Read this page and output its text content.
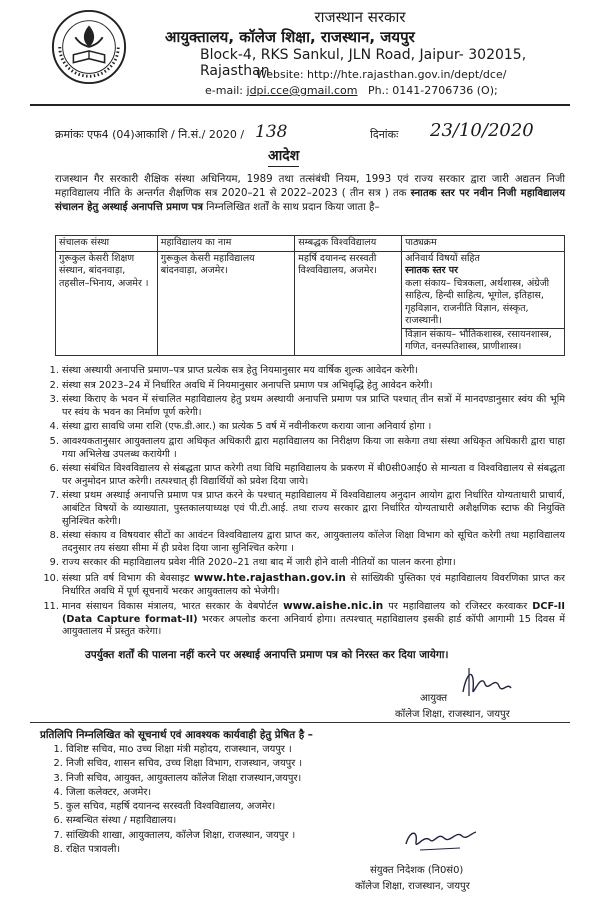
राजस्थान सरकार
आयुक्तालय, कॉलेज शिक्षा, राजस्थान, जयपुर
Block-4, RKS Sankul, JLN Road, Jaipur- 302015, Rajasthan
Website: http://hte.rajasthan.gov.in/dept/dce/
e-mail: jdpi.cce@gmail.com Ph.: 0141-2706736 (O);
क्रमांकः एफ4 (04)आकाशि / नि.सं./ 2020 / 138	दिनांकः 23/10/2020
आदेश
राजस्थान गैर सरकारी शैक्षिक संस्था अधिनियम, 1989 तथा तत्संबंधी नियम, 1993 एवं राज्य सरकार द्वारा जारी अद्यतन निजी महाविद्यालय नीति के अन्तर्गत शैक्षणिक सत्र 2020–21 से 2022–2023 ( तीन सत्र ) तक स्नातक स्तर पर नवीन निजी महाविद्यालय संचालन हेतु अस्थाई अनापत्ति प्रमाण पत्र निम्नलिखित शर्तों के साथ प्रदान किया जाता है–
संचालक संस्था	महाविद्यालय का नाम	सम्बद्धक विश्वविद्यालय	पाठ्यक्रम
गुरूकुल केसरी शिक्षण संस्थान, बांदनवाड़ा, तहसील–भिनाय, अजमेर ।	गुरूकुल केसरी महाविद्यालय बांदनवाड़ा, अजमेर।	महर्षि दयानन्द सरस्वती विश्वविद्यालय, अजमेर।	अनिवार्य विषयों सहित
स्नातक स्तर पर
कला संकाय– चित्रकला, अर्थशास्त्र, अंग्रेजी साहित्य, हिन्दी साहित्य, भूगोल, इतिहास, गृहविज्ञान, राजनीति विज्ञान, संस्कृत, राजस्थानी।
विज्ञान संकाय– भौतिकशास्त्र, रसायनशास्त्र, गणित, वनस्पतिशास्त्र, प्राणीशास्त्र।
1. संस्था अस्थायी अनापत्ति प्रमाण–पत्र प्राप्त प्रत्येक सत्र हेतु नियमानुसार मय वार्षिक शुल्क आवेदन करेगी।
2. संस्था सत्र 2023–24 में निर्धारित अवधि में नियमानुसार अनापत्ति प्रमाण पत्र अभिवृद्धि हेतु आवेदन करेगी।
3. संस्था किराए के भवन में संचालित महाविद्यालय हेतु प्रथम अस्थायी अनापत्ति प्रमाण पत्र प्राप्ति पश्चात् तीन सत्रों में मानदण्डानुसार स्वंय की भूमि पर स्वंय के भवन का निर्माण पूर्ण करेगी।
4. संस्था द्वारा सावधि जमा राशि (एफ.डी.आर.) का प्रत्येक 5 वर्ष में नवीनीकरण कराया जाना अनिवार्य होगा ।
5. आवश्यकतानुसार आयुक्तालय द्वारा अधिकृत अधिकारी द्वारा महाविद्यालय का निरीक्षण किया जा सकेगा तथा संस्था अधिकृत अधिकारी द्वारा चाहा गया अभिलेख उपलब्ध करायेगी ।
6. संस्था संबंधित विश्वविद्यालय से संबद्धता प्राप्त करेगी तथा विधि महाविद्यालय के प्रकरण में बी0सी0आई0 से मान्यता व विश्वविद्यालय से संबद्धता पर अनुमोदन प्राप्त करेगी। तत्पश्चात् ही विद्यार्थियों को प्रवेश दिया जाये।
7. संस्था प्रथम अस्थाई अनापत्ति प्रमाण पत्र प्राप्त करने के पश्चात् महाविद्यालय में विश्वविद्यालय अनुदान आयोग द्वारा निर्धारित योग्यताधारी प्राचार्य, आबंटित विषयों के व्याख्याता, पुस्तकालयाध्यक्ष एवं पी.टी.आई. तथा राज्य सरकार द्वारा निर्धारित योग्यताधारी अशैक्षणिक स्टाफ की नियुक्ति सुनिश्चित करेगी।
8. संस्था संकाय व विषयवार सीटों का आवंटन विश्वविद्यालय द्वारा प्राप्त कर, आयुक्तालय कॉलेज शिक्षा विभाग को सूचित करेगी तथा महाविद्यालय तदनुसार तय संख्या सीमा में ही प्रवेश दिया जाना सुनिश्चित करेगा ।
9. राज्य सरकार की महाविद्यालय प्रवेश नीति 2020–21 तथा बाद में जारी होने वाली नीतियों का पालन करना होगा।
10. संस्था प्रति वर्ष विभाग की बेवसाइट www.hte.rajasthan.gov.in से सांख्यिकी पुस्तिका एवं महाविद्यालय विवरणिका प्राप्त कर निर्धारित अवधि में पूर्ण सूचनायें भरकर आयुक्तालय को भेजेगी।
11. मानव संसाधन विकास मंत्रालय, भारत सरकार के वेबपोर्टल www.aishe.nic.in पर महाविद्यालय को रजिस्टर करवाकर DCF-II (Data Capture format-II) भरकर अपलोड करना अनिवार्य होगा। तत्पश्चात् महाविद्यालय इसकी हार्ड कॉपी आगामी 15 दिवस में आयुक्तालय में प्रस्तुत करेगा।
उपर्युक्त शर्तों की पालना नहीं करने पर अस्थाई अनापत्ति प्रमाण पत्र को निरस्त कर दिया जायेगा।
आयुक्त
कॉलेज शिक्षा, राजस्थान, जयपुर
प्रतिलिपि निम्नलिखित को सूचनार्थ एवं आवश्यक कार्यवाही हेतु प्रेषित है –
1. विशिष्ट सचिव, माo उच्च शिक्षा मंत्री महोदय, राजस्थान, जयपुर ।
2. निजी सचिव, शासन सचिव, उच्च शिक्षा विभाग, राजस्थान, जयपुर ।
3. निजी सचिव, आयुक्त, आयुक्तालय कॉलेज शिक्षा राजस्थान,जयपुर।
4. जिला कलेक्टर, अजमेर।
5. कुल सचिव, महर्षि दयानन्द सरस्वती विश्वविद्यालय, अजमेर।
6. सम्बन्धित संस्था / महाविद्यालय।
7. सांख्यिकी शाखा, आयुक्तालय, कॉलेज शिक्षा, राजस्थान, जयपुर ।
8. रक्षित पत्रावली।
संयुक्त निदेशक (नि0सं0)
कॉलेज शिक्षा, राजस्थान, जयपुर
